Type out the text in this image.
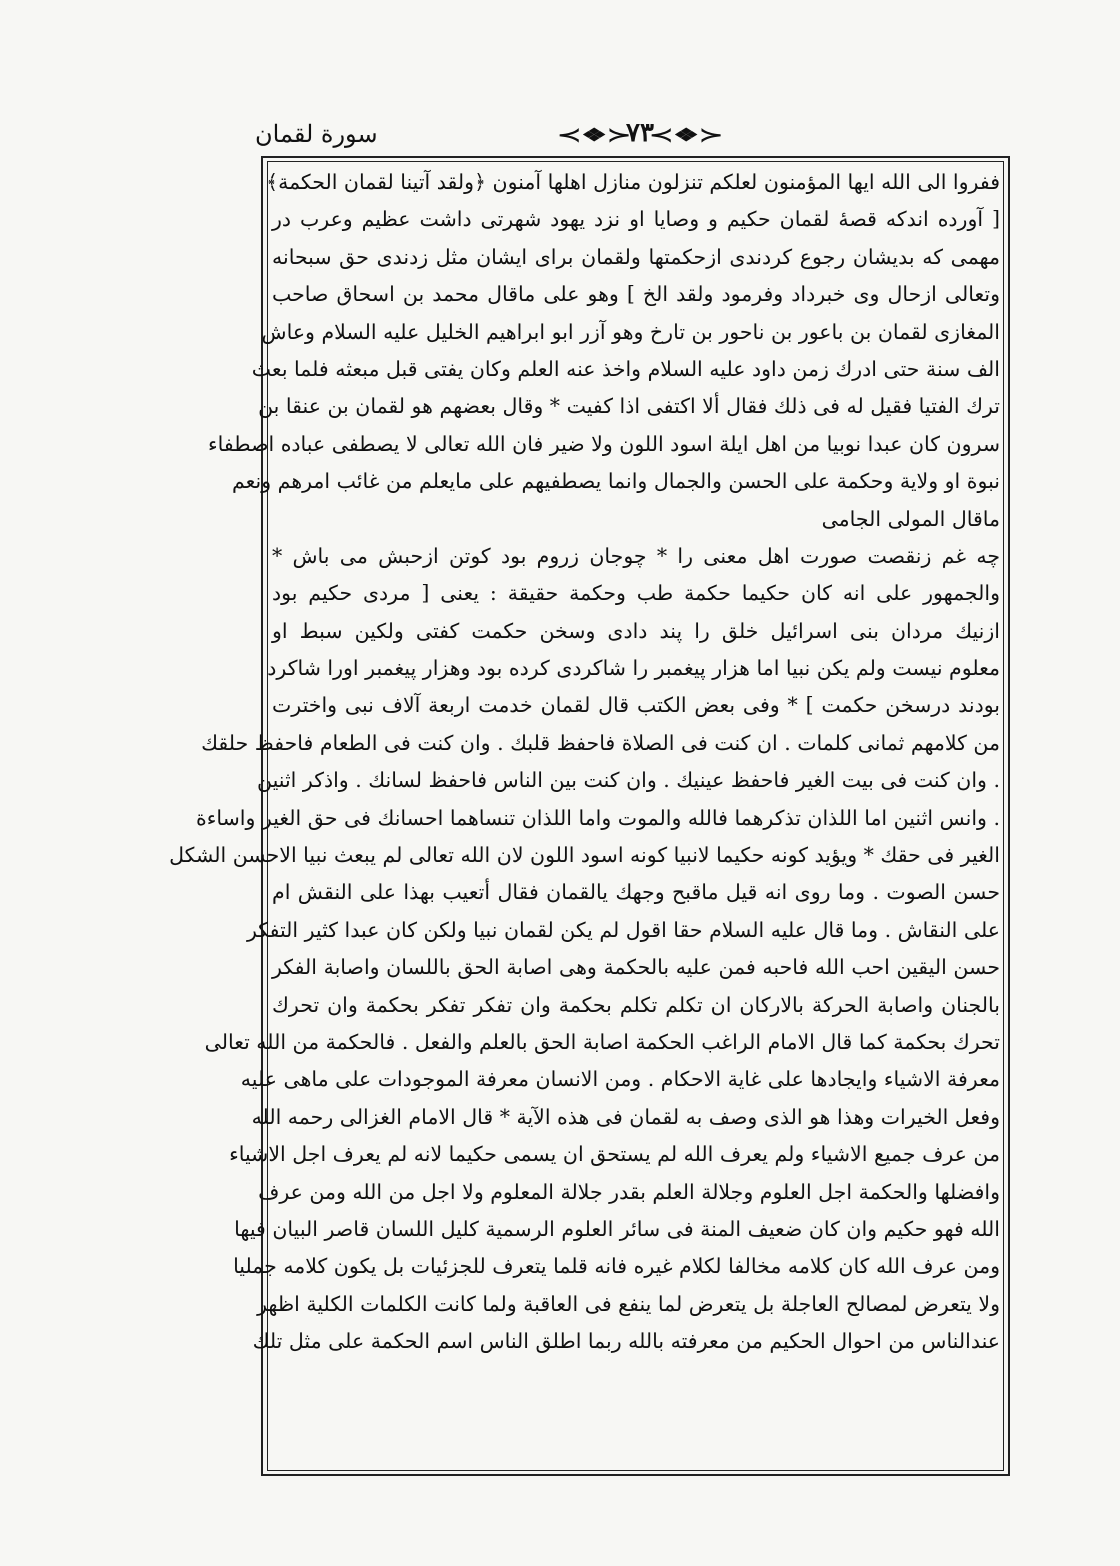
سورة لقمان	≺❖≻ ٧٣ ≺❖≻
ففروا الى الله ايها المؤمنون لعلكم تنزلون منازل اهلها آمنون ﴿ولقد آتينا لقمان الحكمة﴾
[ آورده اندكه قصهٔ لقمان حكيم و وصايا او نزد يهود شهرتى داشت عظيم وعرب در
مهمى كه بديشان رجوع كردندى ازحكمتها ولقمان براى ايشان مثل زدندى حق سبحانه
وتعالى ازحال وى خبرداد وفرمود ولقد الخ ] وهو على ماقال محمد بن اسحاق صاحب
المغازى لقمان بن باعور بن ناحور بن تارخ وهو آزر ابو ابراهيم الخليل عليه السلام وعاش
الف سنة حتى ادرك زمن داود عليه السلام واخذ عنه العلم وكان يفتى قبل مبعثه فلما بعث
ترك الفتيا فقيل له فى ذلك فقال ألا اكتفى اذا كفيت * وقال بعضهم هو لقمان بن عنقا بن
سرون كان عبدا نوبيا من اهل ايلة اسود اللون ولا ضير فان الله تعالى لا يصطفى عباده اصطفاء
نبوة او ولاية وحكمة على الحسن والجمال وانما يصطفيهم على مايعلم من غائب امرهم ونعم
ماقال المولى الجامى
چه غم زنقصت صورت اهل معنى را * چوجان زروم بود كوتن ازحبش مى باش *
والجمهور على انه كان حكيما حكمة طب وحكمة حقيقة : يعنى [ مردى حكيم بود
ازنيك مردان بنى اسرائيل خلق را پند دادى وسخن حكمت كفتى ولكين سبط او
معلوم نيست ولم يكن نبيا اما هزار پيغمبر را شاكردى كرده بود وهزار پيغمبر اورا شاكرد
بودند درسخن حكمت ] * وفى بعض الكتب قال لقمان خدمت اربعة آلاف نبى واخترت
من كلامهم ثمانى كلمات . ان كنت فى الصلاة فاحفظ قلبك . وان كنت فى الطعام فاحفظ حلقك
. وان كنت فى بيت الغير فاحفظ عينيك . وان كنت بين الناس فاحفظ لسانك . واذكر اثنين
. وانس اثنين اما اللذان تذكرهما فالله والموت واما اللذان تنساهما احسانك فى حق الغير واساءة
الغير فى حقك * ويؤيد كونه حكيما لانبيا كونه اسود اللون لان الله تعالى لم يبعث نبيا الاحسن الشكل
حسن الصوت . وما روى انه قيل ماقبح وجهك يالقمان فقال أتعيب بهذا على النقش ام
على النقاش . وما قال عليه السلام حقا اقول لم يكن لقمان نبيا ولكن كان عبدا كثير التفكر
حسن اليقين احب الله فاحبه فمن عليه بالحكمة وهى اصابة الحق باللسان واصابة الفكر
بالجنان واصابة الحركة بالاركان ان تكلم تكلم بحكمة وان تفكر تفكر بحكمة وان تحرك
تحرك بحكمة كما قال الامام الراغب الحكمة اصابة الحق بالعلم والفعل . فالحكمة من الله تعالى
معرفة الاشياء وايجادها على غاية الاحكام . ومن الانسان معرفة الموجودات على ماهى عليه
وفعل الخيرات وهذا هو الذى وصف به لقمان فى هذه الآية * قال الامام الغزالى رحمه الله
من عرف جميع الاشياء ولم يعرف الله لم يستحق ان يسمى حكيما لانه لم يعرف اجل الاشياء
وافضلها والحكمة اجل العلوم وجلالة العلم بقدر جلالة المعلوم ولا اجل من الله ومن عرف
الله فهو حكيم وان كان ضعيف المنة فى سائر العلوم الرسمية كليل اللسان قاصر البيان فيها
ومن عرف الله كان كلامه مخالفا لكلام غيره فانه قلما يتعرف للجزئيات بل يكون كلامه جمليا
ولا يتعرض لمصالح العاجلة بل يتعرض لما ينفع فى العاقبة ولما كانت الكلمات الكلية اظهر
عندالناس من احوال الحكيم من معرفته بالله ربما اطلق الناس اسم الحكمة على مثل تلك
